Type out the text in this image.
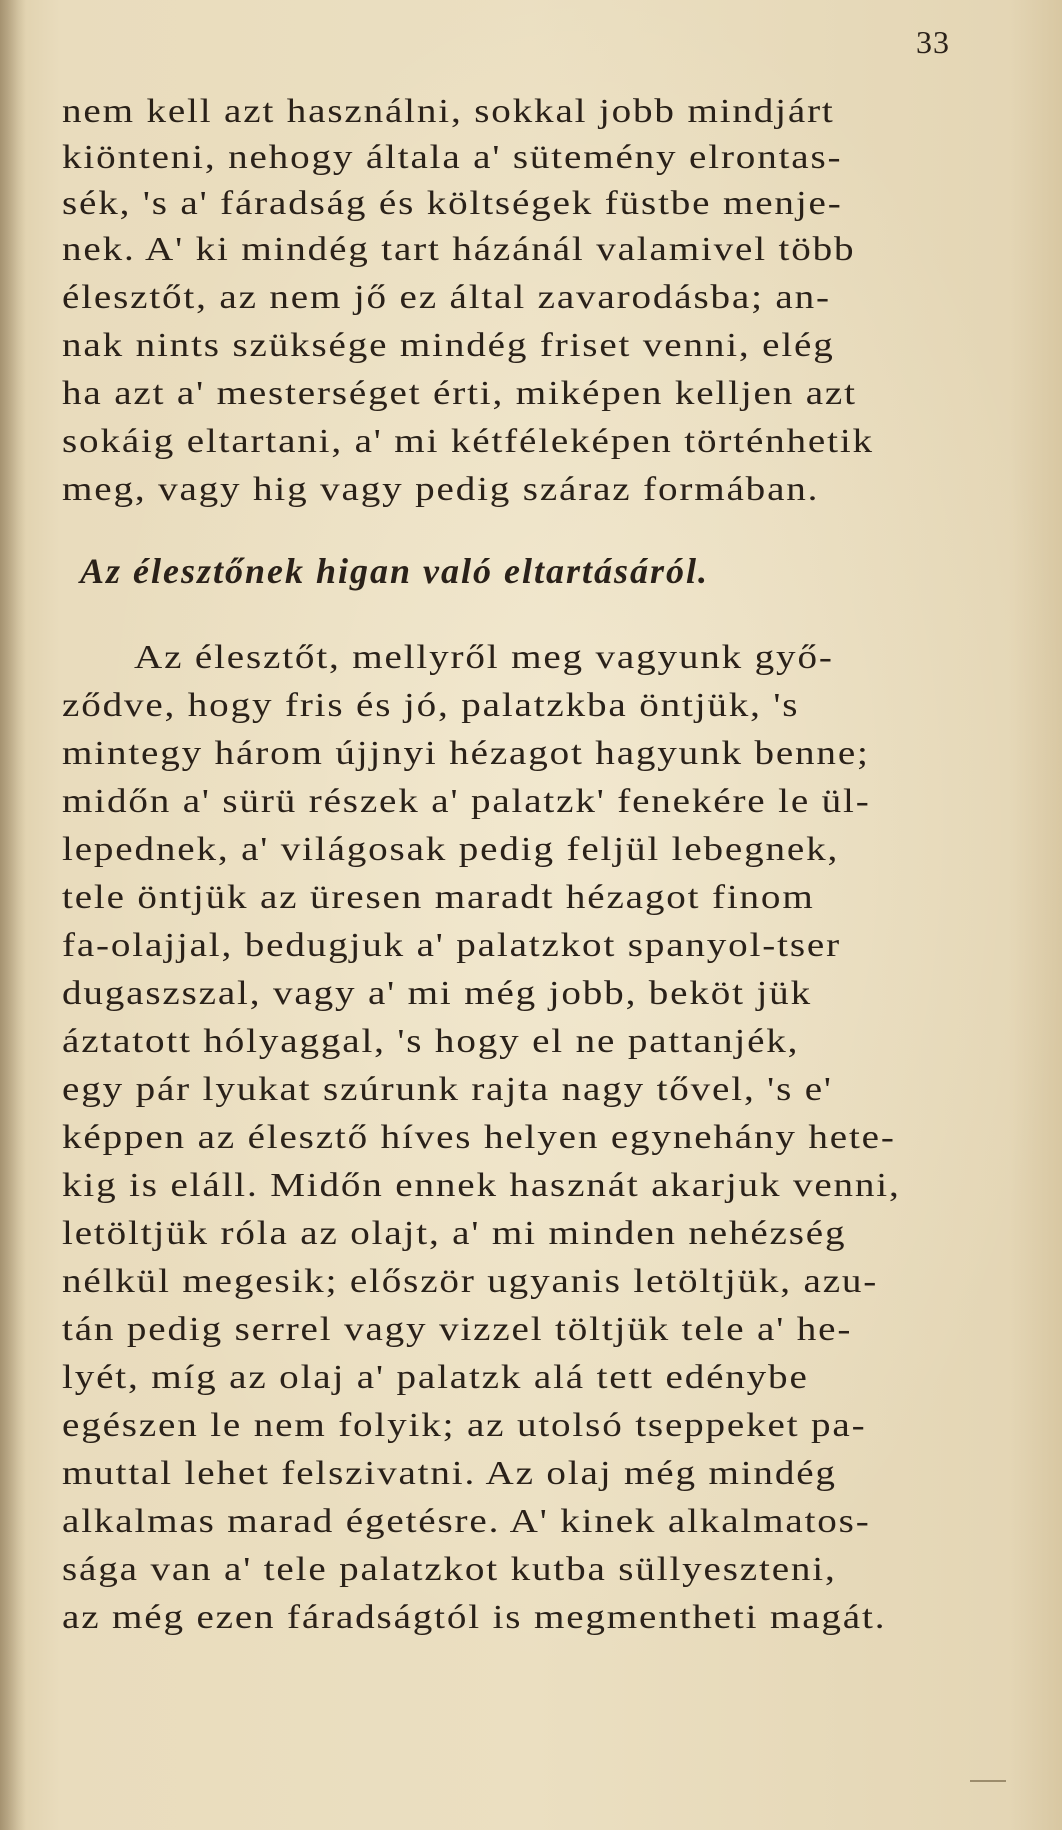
33
nem kell azt használni, sokkal jobb mindjárt
kiönteni, nehogy általa a' sütemény elrontas-
sék, 's a' fáradság és költségek füstbe menje-
nek. A' ki mindég tart házánál valamivel több
élesztőt, az nem jő ez által zavarodásba; an-
nak nints szüksége mindég friset venni, elég
ha azt a' mesterséget érti, miképen kelljen azt
sokáig eltartani, a' mi kétféleképen történhetik
meg, vagy hig vagy pedig száraz formában.
Az élesztőnek higan való eltartásáról.
Az élesztőt, mellyről meg vagyunk győ-
ződve, hogy fris és jó, palatzkba öntjük, 's
mintegy három újjnyi hézagot hagyunk benne;
midőn a' sürü részek a' palatzk' fenekére le ül-
lepednek, a' világosak pedig feljül lebegnek,
tele öntjük az üresen maradt hézagot finom
fa-olajjal, bedugjuk a' palatzkot spanyol-tser
dugaszszal, vagy a' mi még jobb, beköt jük
áztatott hólyaggal, 's hogy el ne pattanjék,
egy pár lyukat szúrunk rajta nagy tővel, 's e'
képpen az élesztő híves helyen egynehány hete-
kig is eláll. Midőn ennek hasznát akarjuk venni,
letöltjük róla az olajt, a' mi minden nehézség
nélkül megesik; először ugyanis letöltjük, azu-
tán pedig serrel vagy vizzel töltjük tele a' he-
lyét, míg az olaj a' palatzk alá tett edénybe
egészen le nem folyik; az utolsó tseppeket pa-
muttal lehet felszivatni. Az olaj még mindég
alkalmas marad égetésre. A' kinek alkalmatos-
sága van a' tele palatzkot kutba süllyeszteni,
az még ezen fáradságtól is megmentheti magát.
